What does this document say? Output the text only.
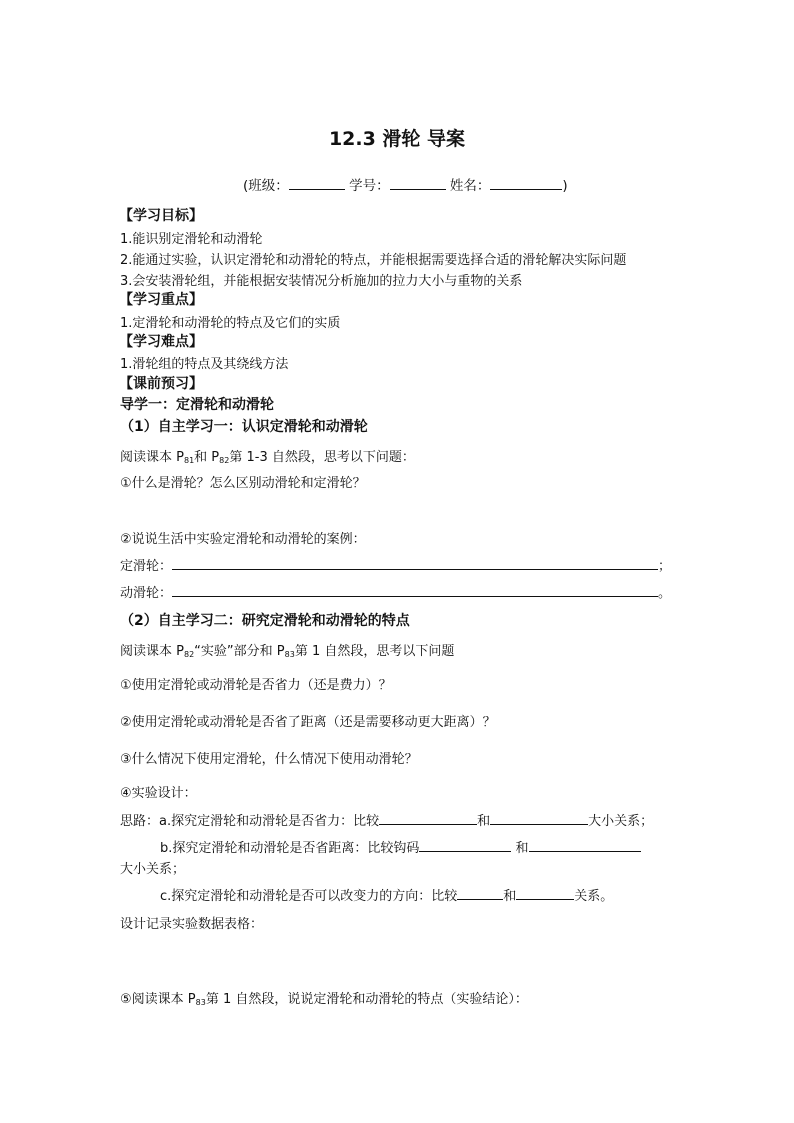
12.3 滑轮 导案
(班级：	学号：	姓名：	)
【学习目标】
1.能识别定滑轮和动滑轮
2.能通过实验，认识定滑轮和动滑轮的特点，并能根据需要选择合适的滑轮解决实际问题
3.会安装滑轮组，并能根据安装情况分析施加的拉力大小与重物的关系
【学习重点】
1.定滑轮和动滑轮的特点及它们的实质
【学习难点】
1.滑轮组的特点及其绕线方法
【课前预习】
导学一：定滑轮和动滑轮
（1）自主学习一：认识定滑轮和动滑轮
阅读课本 $P_{81}$和 $P_{82}$第 1-3 自然段，思考以下问题：
①什么是滑轮？怎么区别动滑轮和定滑轮？
②说说生活中实验定滑轮和动滑轮的案例：
定滑轮：	；
动滑轮：	。
（2）自主学习二：研究定滑轮和动滑轮的特点
阅读课本 $P_{82}“$实验”部分和 $P_{83}$第 1 自然段，思考以下问题
①使用定滑轮或动滑轮是否省力（还是费力）？
②使用定滑轮或动滑轮是否省了距离（还是需要移动更大距离）？
③什么情况下使用定滑轮，什么情况下使用动滑轮？
④实验设计：
思路：a.探究定滑轮和动滑轮是否省力：比较	和	大小关系；
b.探究定滑轮和动滑轮是否省距离：比较钩码	和
大小关系；
c.探究定滑轮和动滑轮是否可以改变力的方向：比较	和	关系。
设计记录实验数据表格：
⑤阅读课本 $P_{83}$第 1 自然段，说说定滑轮和动滑轮的特点（实验结论）：
